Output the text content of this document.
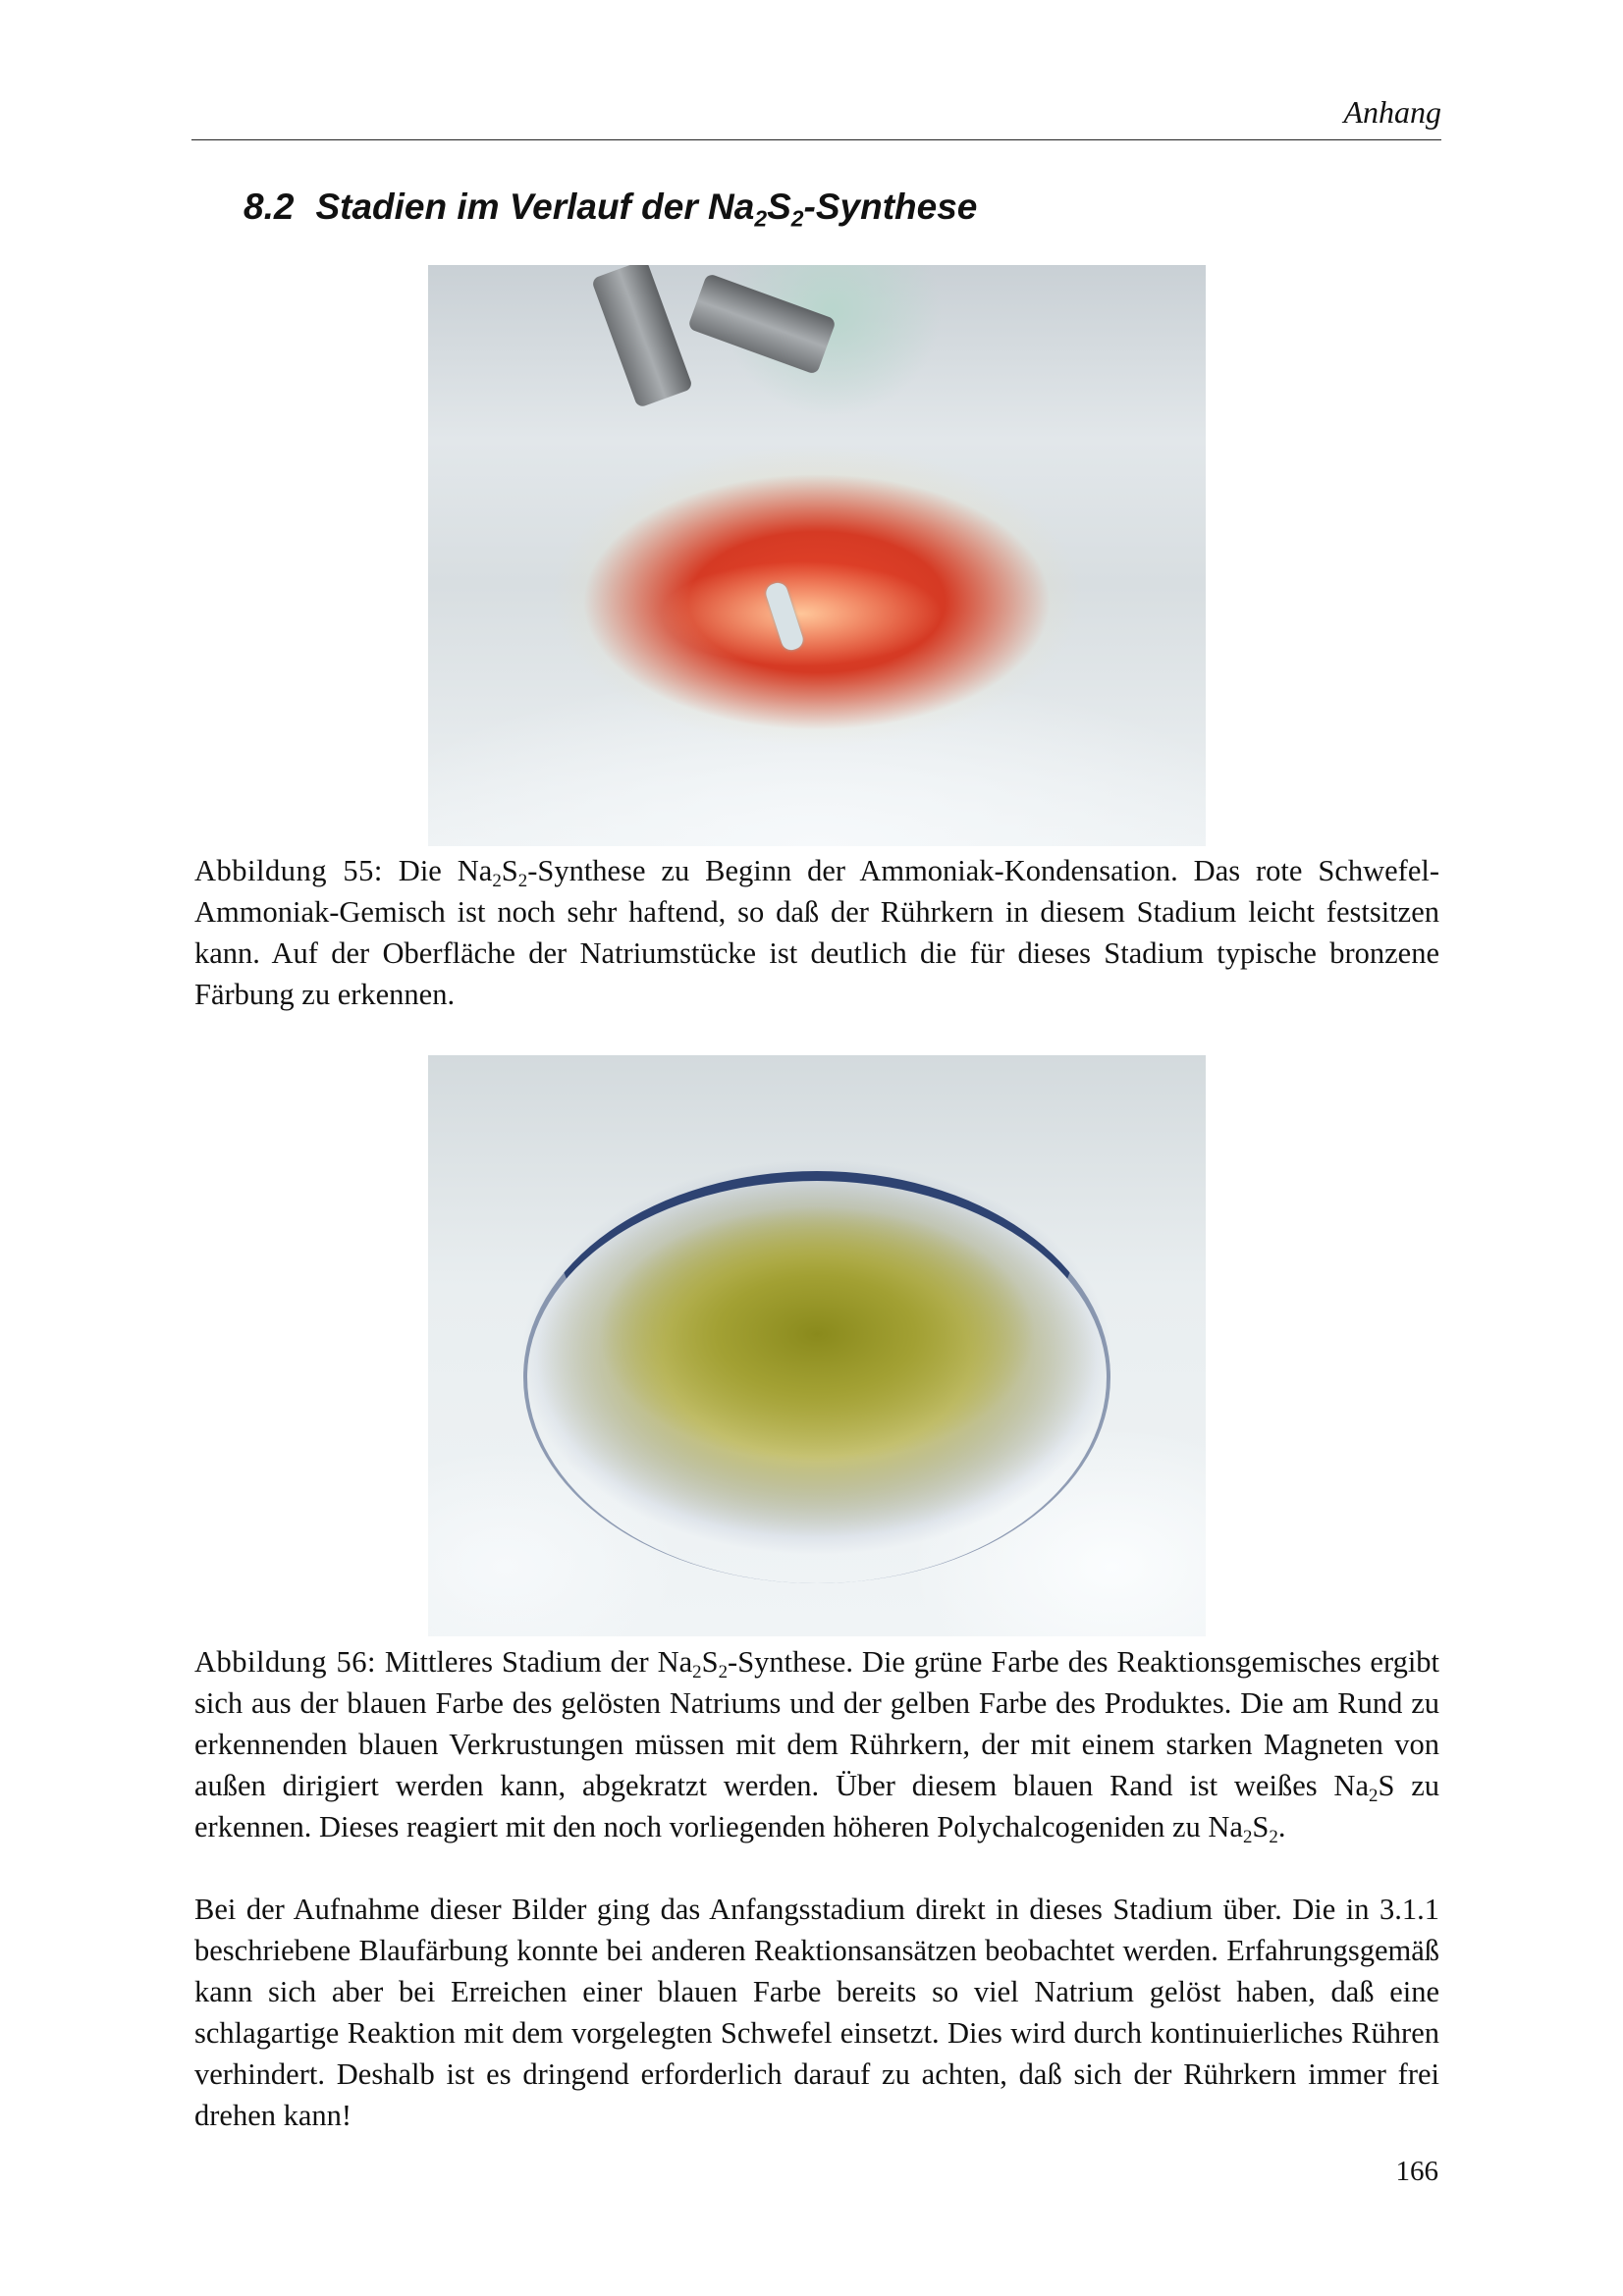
Anhang
8.2 Stadien im Verlauf der $Na_2S_2$-Synthese

Abbildung 55: Die $Na_2S_2$-Synthese zu Beginn der Ammoniak-Kondensation. Das rote Schwefel-Ammoniak-Gemisch ist noch sehr haftend, so daß der Rührkern in diesem Stadium leicht festsitzen kann. Auf der Oberfläche der Natriumstücke ist deutlich die für dieses Stadium typische bronzene Färbung zu erkennen.

Abbildung 56: Mittleres Stadium der $Na_2S_2$-Synthese. Die grüne Farbe des Reaktionsgemisches ergibt sich aus der blauen Farbe des gelösten Natriums und der gelben Farbe des Produktes. Die am Rund zu erkennenden blauen Verkrustungen müssen mit dem Rührkern, der mit einem starken Magneten von außen dirigiert werden kann, abgekratzt werden. Über diesem blauen Rand ist weißes $Na_2S$ zu erkennen. Dieses reagiert mit den noch vorliegenden höheren Polychalcogeniden zu $Na_2S_2$.

Bei der Aufnahme dieser Bilder ging das Anfangsstadium direkt in dieses Stadium über. Die in 3.1.1 beschriebene Blaufärbung konnte bei anderen Reaktionsansätzen beobachtet werden. Erfahrungsgemäß kann sich aber bei Erreichen einer blauen Farbe bereits so viel Natrium gelöst haben, daß eine schlagartige Reaktion mit dem vorgelegten Schwefel einsetzt. Dies wird durch kontinuierliches Rühren verhindert. Deshalb ist es dringend erforderlich darauf zu achten, daß sich der Rührkern immer frei drehen kann!

166
